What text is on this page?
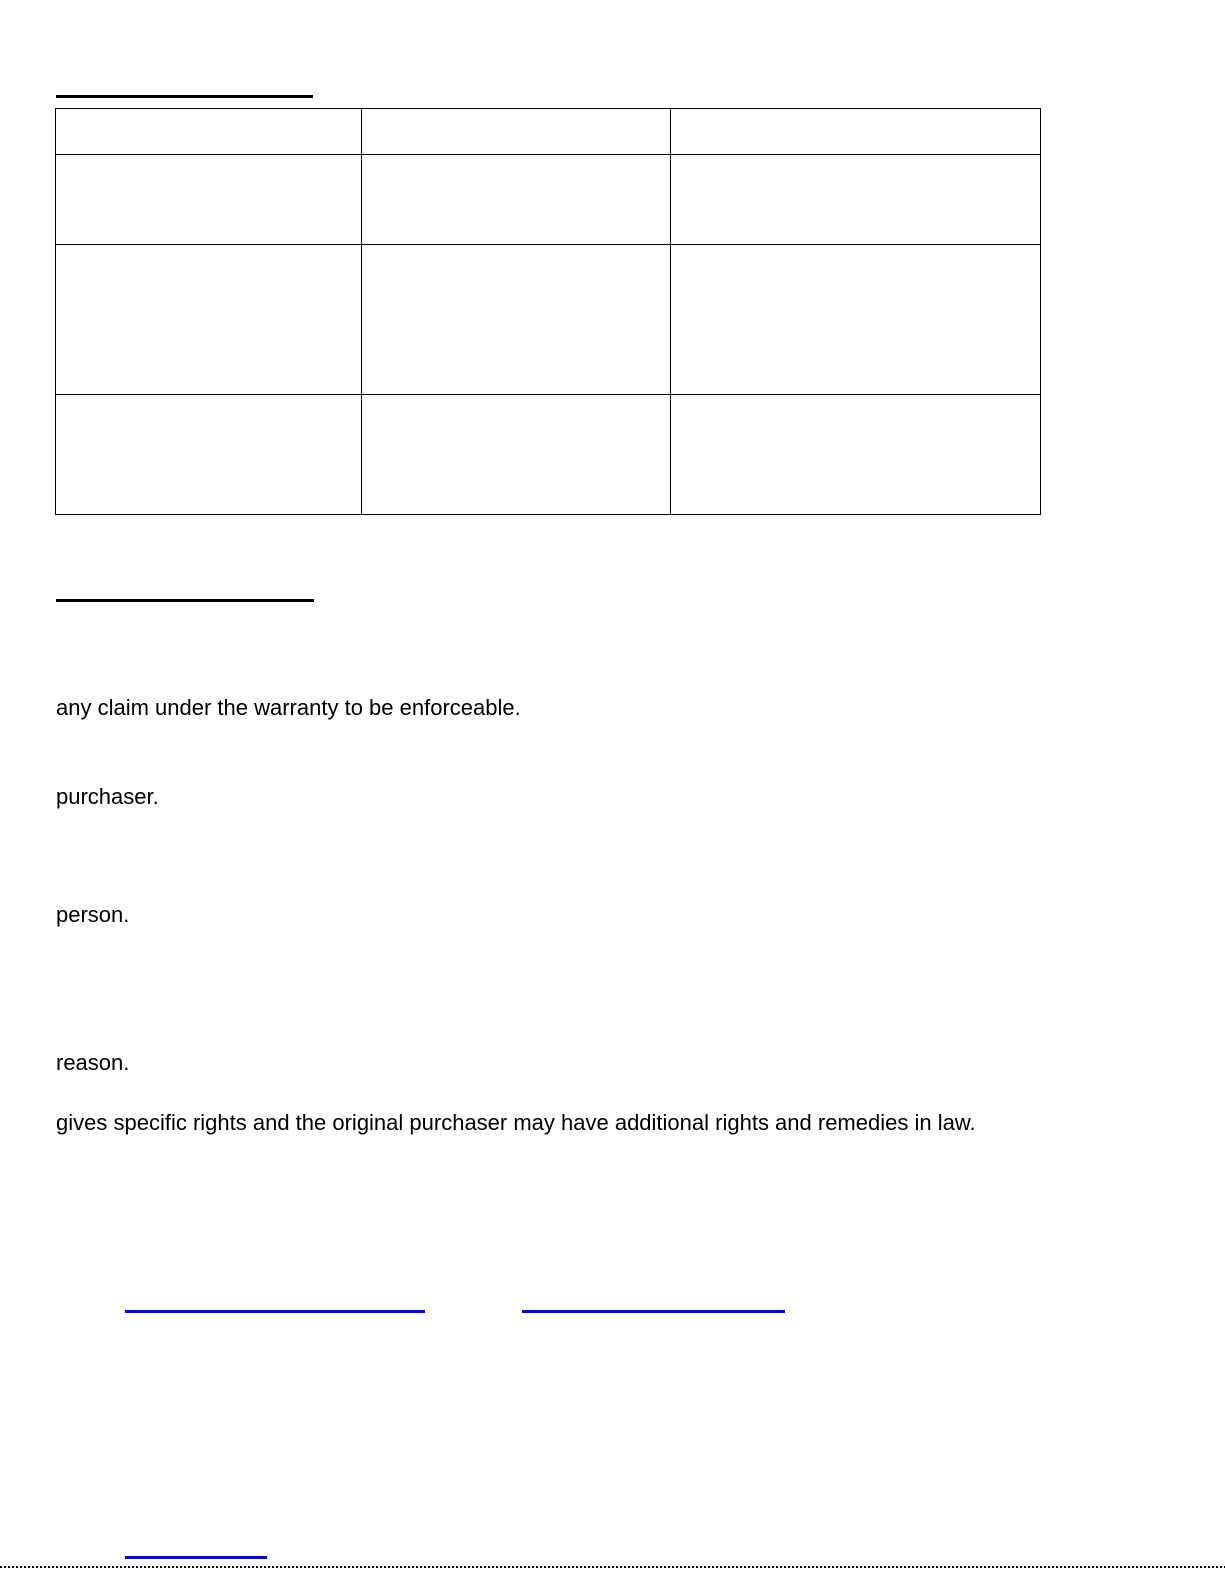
any claim under the warranty to be enforceable.
purchaser.
person.
reason.
gives specific rights and the original purchaser may have additional rights and remedies in law.
